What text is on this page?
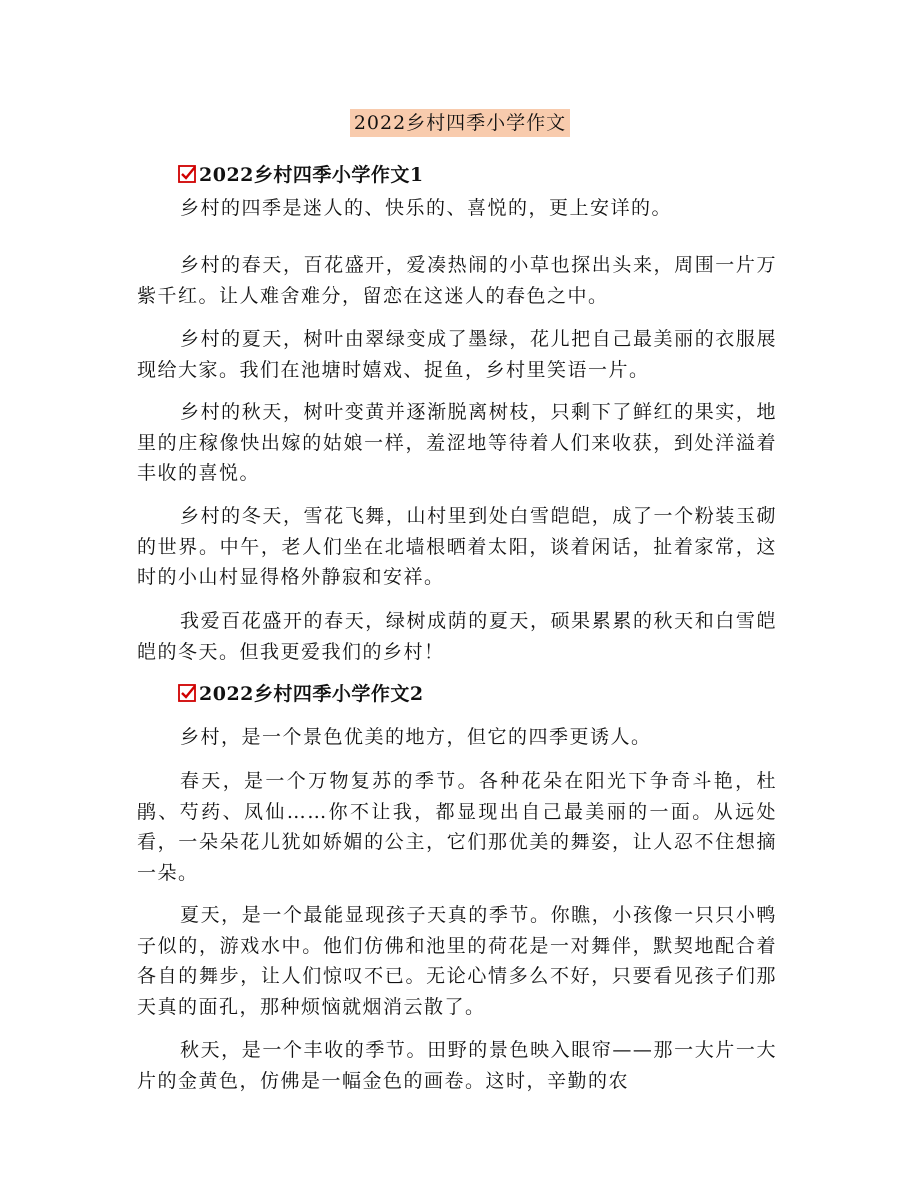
2022乡村四季小学作文
2022乡村四季小学作文1

乡村的四季是迷人的、快乐的、喜悦的，更上安详的。

乡村的春天，百花盛开，爱凑热闹的小草也探出头来，周围一片万紫千红。让人难舍难分，留恋在这迷人的春色之中。

乡村的夏天，树叶由翠绿变成了墨绿，花儿把自己最美丽的衣服展现给大家。我们在池塘时嬉戏、捉鱼，乡村里笑语一片。

乡村的秋天，树叶变黄并逐渐脱离树枝，只剩下了鲜红的果实，地里的庄稼像快出嫁的姑娘一样，羞涩地等待着人们来收获，到处洋溢着丰收的喜悦。

乡村的冬天，雪花飞舞，山村里到处白雪皑皑，成了一个粉装玉砌的世界。中午，老人们坐在北墙根晒着太阳，谈着闲话，扯着家常，这时的小山村显得格外静寂和安祥。

我爱百花盛开的春天，绿树成荫的夏天，硕果累累的秋天和白雪皑皑的冬天。但我更爱我们的乡村！

2022乡村四季小学作文2

乡村，是一个景色优美的地方，但它的四季更诱人。

春天，是一个万物复苏的季节。各种花朵在阳光下争奇斗艳，杜鹃、芍药、凤仙……你不让我，都显现出自己最美丽的一面。从远处看，一朵朵花儿犹如娇媚的公主，它们那优美的舞姿，让人忍不住想摘一朵。

夏天，是一个最能显现孩子天真的季节。你瞧，小孩像一只只小鸭子似的，游戏水中。他们仿佛和池里的荷花是一对舞伴，默契地配合着各自的舞步，让人们惊叹不已。无论心情多么不好，只要看见孩子们那天真的面孔，那种烦恼就烟消云散了。

秋天，是一个丰收的季节。田野的景色映入眼帘——那一大片一大片的金黄色，仿佛是一幅金色的画卷。这时，辛勤的农
